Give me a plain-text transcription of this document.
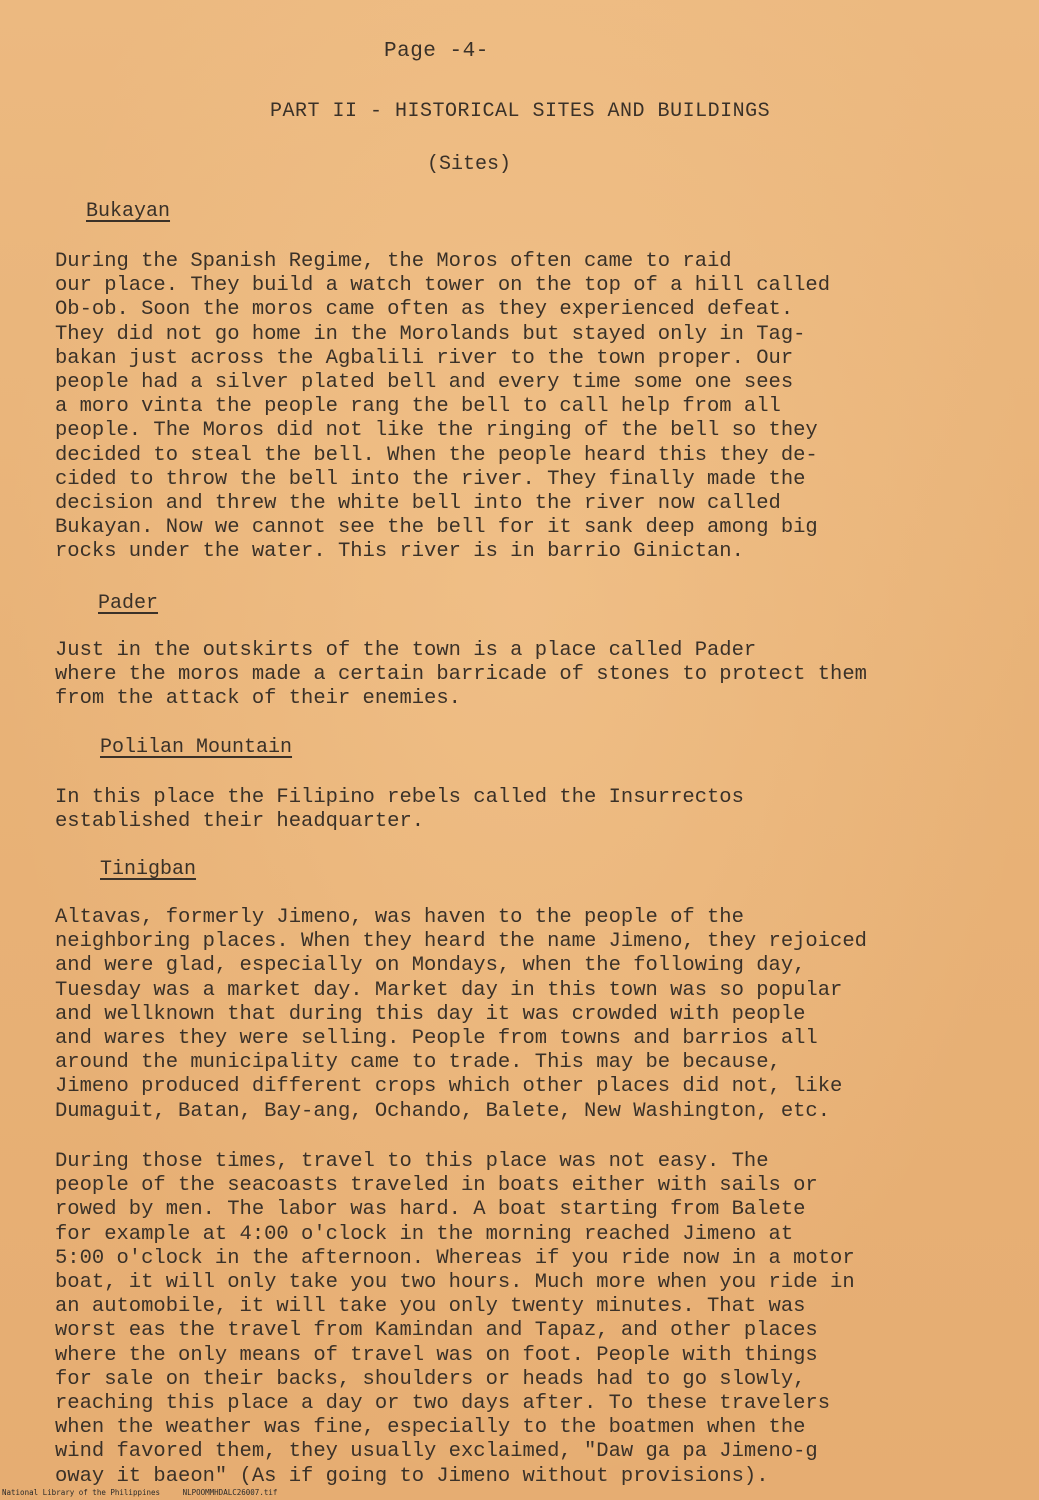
Page -4-
PART II - HISTORICAL SITES AND BUILDINGS
(Sites)
Bukayan
During the Spanish Regime, the Moros often came to raid
our place. They build a watch tower on the top of a hill called
Ob-ob. Soon the moros came often as they experienced defeat.
They did not go home in the Morolands but stayed only in Tag-
bakan just across the Agbalili river to the town proper. Our
people had a silver plated bell and every time some one sees
a moro vinta the people rang the bell to call help from all
people. The Moros did not like the ringing of the bell so they
decided to steal the bell. When the people heard this they de-
cided to throw the bell into the river. They finally made the
decision and threw the white bell into the river now called
Bukayan. Now we cannot see the bell for it sank deep among big
rocks under the water. This river is in barrio Ginictan.
Pader
Just in the outskirts of the town is a place called Pader
where the moros made a certain barricade of stones to protect them
from the attack of their enemies.
Polilan Mountain
In this place the Filipino rebels called the Insurrectos
established their headquarter.
Tinigban
Altavas, formerly Jimeno, was haven to the people of the
neighboring places. When they heard the name Jimeno, they rejoiced
and were glad, especially on Mondays, when the following day,
Tuesday was a market day. Market day in this town was so popular
and wellknown that during this day it was crowded with people
and wares they were selling. People from towns and barrios all
around the municipality came to trade. This may be because,
Jimeno produced different crops which other places did not, like
Dumaguit, Batan, Bay-ang, Ochando, Balete, New Washington, etc.
During those times, travel to this place was not easy. The
people of the seacoasts traveled in boats either with sails or
rowed by men. The labor was hard. A boat starting from Balete
for example at 4:00 o'clock in the morning reached Jimeno at
5:00 o'clock in the afternoon. Whereas if you ride now in a motor
boat, it will only take you two hours. Much more when you ride in
an automobile, it will take you only twenty minutes. That was
worst eas the travel from Kamindan and Tapaz, and other places
where the only means of travel was on foot. People with things
for sale on their backs, shoulders or heads had to go slowly,
reaching this place a day or two days after. To these travelers
when the weather was fine, especially to the boatmen when the
wind favored them, they usually exclaimed, "Daw ga pa Jimeno-g
oway it baeon" (As if going to Jimeno without provisions).
National Library of the Philippines	NLPOOMMHDALC26007.tif
